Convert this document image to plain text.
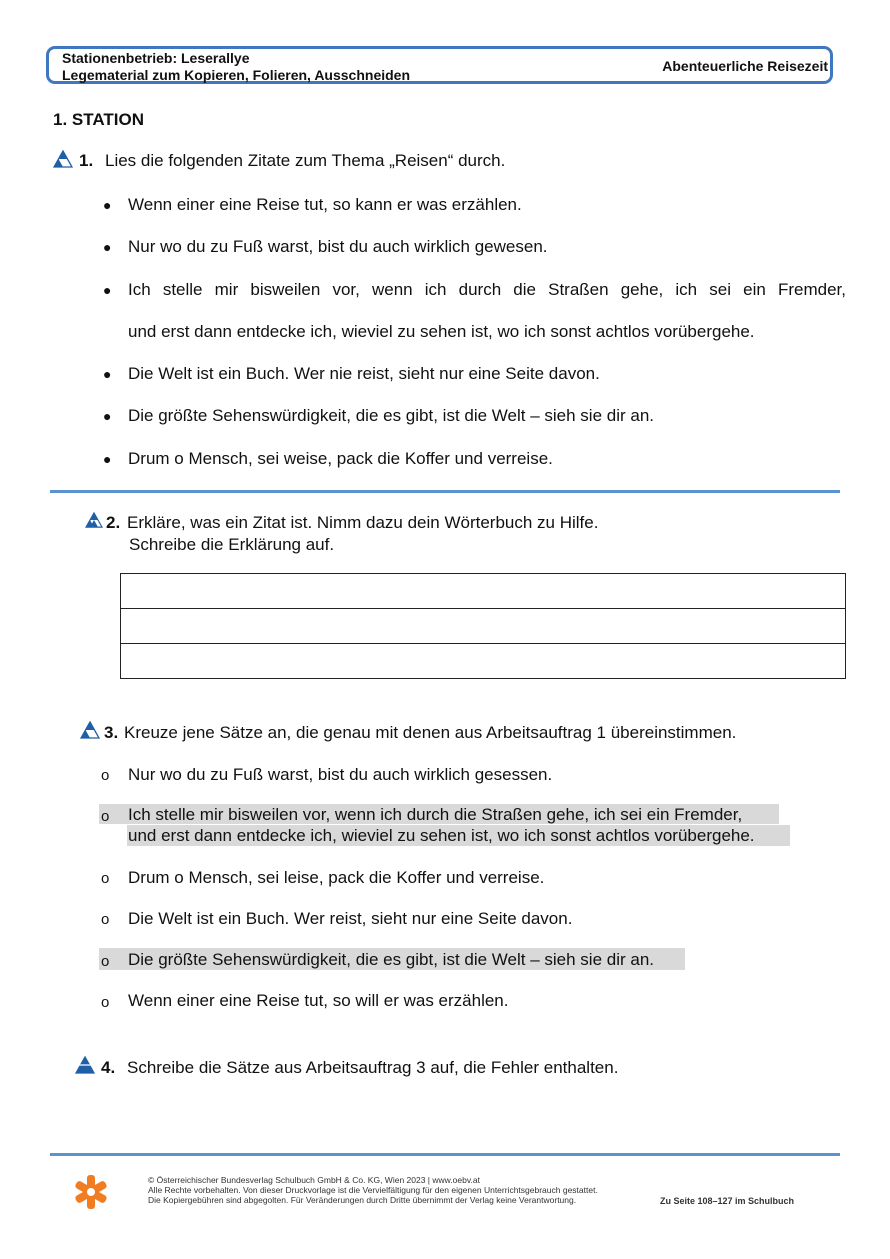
Stationenbetrieb: Leserallye
Legematerial zum Kopieren, Folieren, Ausschneiden
Abenteuerliche Reisezeit
1. STATION
1. Lies die folgenden Zitate zum Thema „Reisen“ durch.
● Wenn einer eine Reise tut, so kann er was erzählen.
● Nur wo du zu Fuß warst, bist du auch wirklich gewesen.
● Ich stelle mir bisweilen vor, wenn ich durch die Straßen gehe, ich sei ein Fremder,
und erst dann entdecke ich, wieviel zu sehen ist, wo ich sonst achtlos vorübergehe.
● Die Welt ist ein Buch. Wer nie reist, sieht nur eine Seite davon.
● Die größte Sehenswürdigkeit, die es gibt, ist die Welt – sieh sie dir an.
● Drum o Mensch, sei weise, pack die Koffer und verreise.
2. Erkläre, was ein Zitat ist. Nimm dazu dein Wörterbuch zu Hilfe.
Schreibe die Erklärung auf.
3. Kreuze jene Sätze an, die genau mit denen aus Arbeitsauftrag 1 übereinstimmen.
o Nur wo du zu Fuß warst, bist du auch wirklich gesessen.
o Ich stelle mir bisweilen vor, wenn ich durch die Straßen gehe, ich sei ein Fremder,
und erst dann entdecke ich, wieviel zu sehen ist, wo ich sonst achtlos vorübergehe.
o Drum o Mensch, sei leise, pack die Koffer und verreise.
o Die Welt ist ein Buch. Wer reist, sieht nur eine Seite davon.
o Die größte Sehenswürdigkeit, die es gibt, ist die Welt – sieh sie dir an.
o Wenn einer eine Reise tut, so will er was erzählen.
4. Schreibe die Sätze aus Arbeitsauftrag 3 auf, die Fehler enthalten.
© Österreichischer Bundesverlag Schulbuch GmbH & Co. KG, Wien 2023 | www.oebv.at
Alle Rechte vorbehalten. Von dieser Druckvorlage ist die Vervielfältigung für den eigenen Unterrichtsgebrauch gestattet.
Die Kopiergebühren sind abgegolten. Für Veränderungen durch Dritte übernimmt der Verlag keine Verantwortung.	Zu Seite 108–127 im Schulbuch
